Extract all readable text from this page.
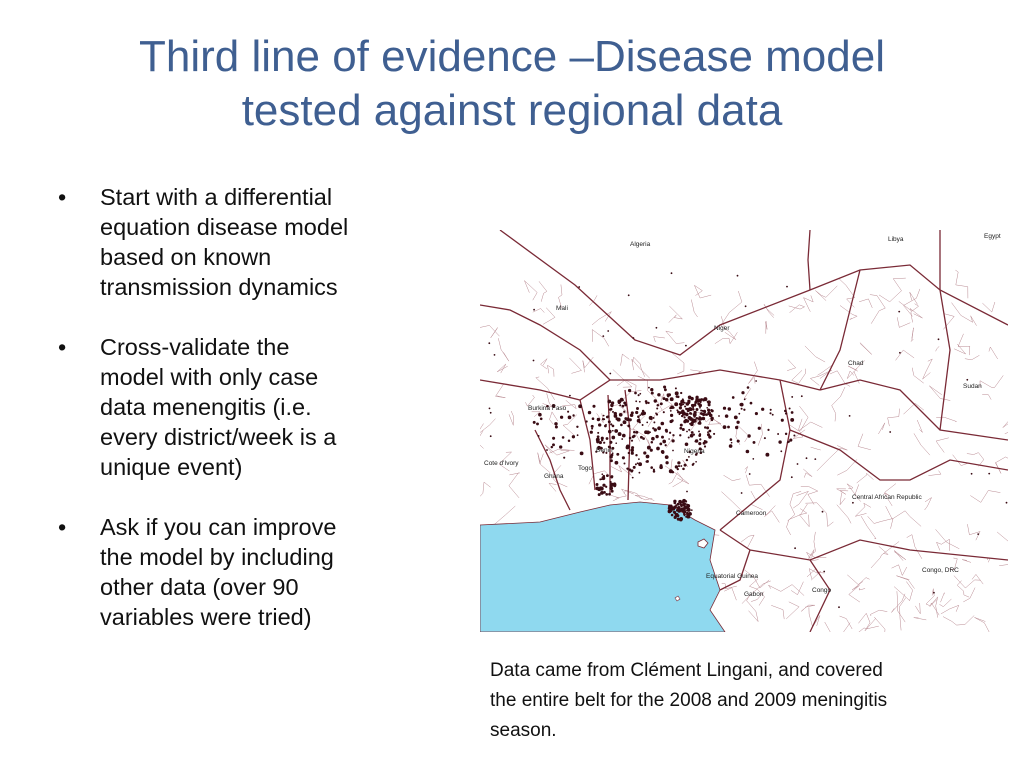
Third line of evidence –Disease model
tested against regional data
• Start with a differential
equation disease model
based on known
transmission dynamics
• Cross-validate the
model with only case
data menengitis (i.e.
every district/week is a
unique event)
• Ask if you can improve
the model by including
other data (over 90
variables were tried)
Algeria
Libya	Egypt
Mali
Niger
Chad
Sudan
Burkina Faso
Cote d'Ivory
Ghana
Togo
Benin	Nigeria
Cameroon
Central African Republic
Equatorial Guinea
Gabon
Congo
Congo, DRC
Data came from Clément Lingani, and covered
the entire belt for the 2008 and 2009 meningitis
season.
